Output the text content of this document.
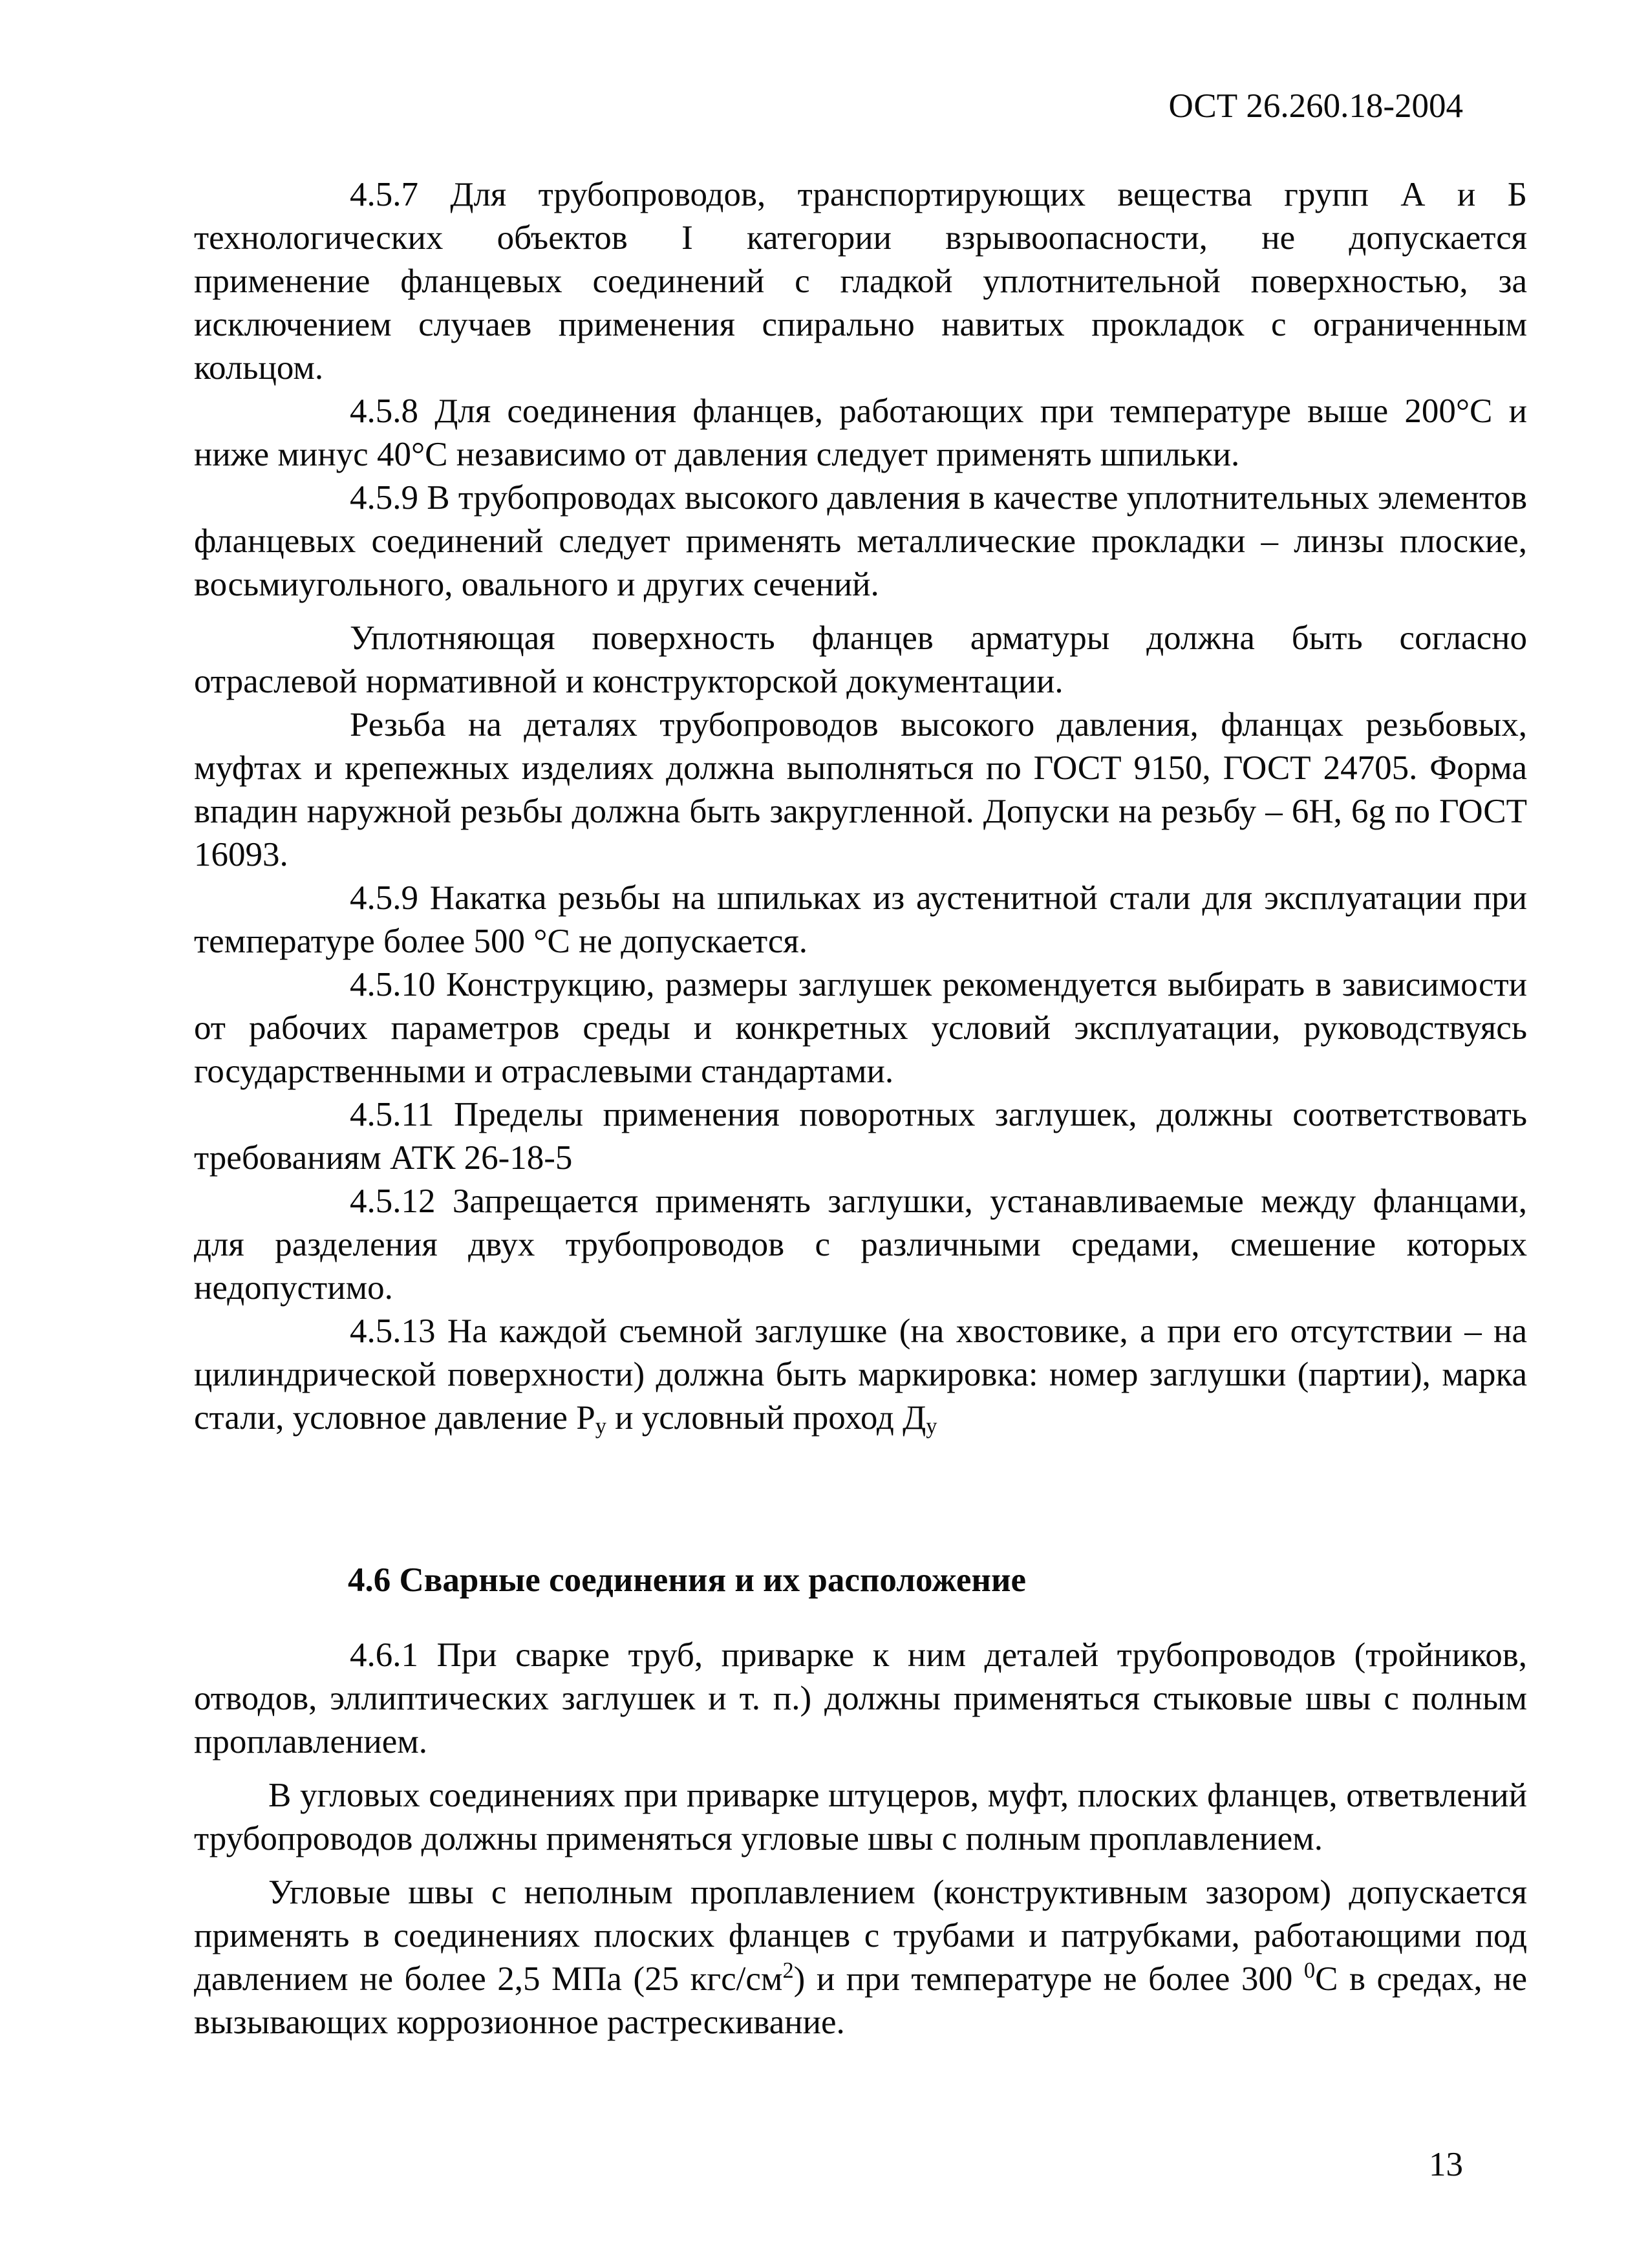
ОСТ 26.260.18-2004
4.5.7 Для трубопроводов, транспортирующих вещества групп А и Б
технологических объектов I категории взрывоопасности, не допускается
применение фланцевых соединений с гладкой уплотнительной поверхностью, за
исключением случаев применения спирально навитых прокладок с ограниченным
кольцом.

4.5.8 Для соединения фланцев, работающих при температуре выше 200°С и ниже минус 40°С независимо от давления следует применять шпильки.

4.5.9 В трубопроводах высокого давления в качестве уплотнительных элементов фланцевых соединений следует применять металлические прокладки – линзы плоские, восьмиугольного, овального и других сечений.

Уплотняющая поверхность фланцев арматуры должна быть согласно отраслевой нормативной и конструкторской документации.

Резьба на деталях трубопроводов высокого давления, фланцах резьбовых, муфтах и крепежных изделиях должна выполняться по ГОСТ 9150, ГОСТ 24705. Форма впадин наружной резьбы должна быть закругленной. Допуски на резьбу – 6Н, 6g по ГОСТ 16093.

4.5.9 Накатка резьбы на шпильках из аустенитной стали для эксплуатации при температуре более 500 °С не допускается.

4.5.10 Конструкцию, размеры заглушек рекомендуется выбирать в зависимости от рабочих параметров среды и конкретных условий эксплуатации, руководствуясь государственными и отраслевыми стандартами.

4.5.11 Пределы применения поворотных заглушек, должны соответствовать требованиям АТК 26-18-5

4.5.12 Запрещается применять заглушки, устанавливаемые между фланцами, для разделения двух трубопроводов с различными средами, смешение которых недопустимо.

4.5.13 На каждой съемной заглушке (на хвостовике, а при его отсутствии – на цилиндрической поверхности) должна быть маркировка: номер заглушки (партии), марка стали, условное давление $Р_у$ и условный проход $Д_у$

4.6 Сварные соединения и их расположение

4.6.1 При сварке труб, приварке к ним деталей трубопроводов (тройников, отводов, эллиптических заглушек и т. п.) должны применяться стыковые швы с полным проплавлением.

В угловых соединениях при приварке штуцеров, муфт, плоских фланцев, ответвлений трубопроводов должны применяться угловые швы с полным проплавлением.

Угловые швы с неполным проплавлением (конструктивным зазором) допускается применять в соединениях плоских фланцев с трубами и патрубками, работающими под давлением не более 2,5 МПа (25 кгс/$см^2$) и при температуре не более 300 $^0$С в средах, не вызывающих коррозионное растрескивание.

13
